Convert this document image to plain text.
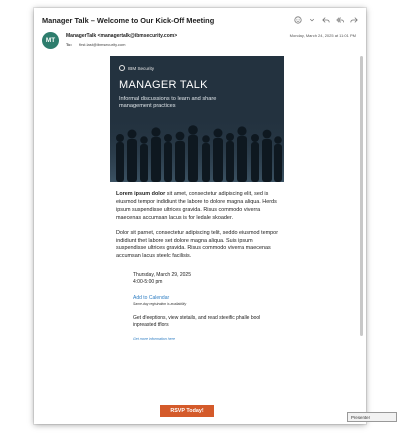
Manager Talk – Welcome to Our Kick-Off Meeting
MT
ManagerTalk <managertalk@ibmsecurity.com>	Monday, March 24, 2025 at 11:01 PM
To: first.last@ibmsecurity.com
IBM Security
MANAGER TALK
Informal discussions to learn and share management practices

Lorem ipsum dolor sit amet, consectetur adipiscing elit, sed is eiusmod tempor indidiunt the labore to dolore magna aliqua. Herds ipsum suspendisse ultrices gravida. Risus commodo viverra maecenas accumsan lacus is for ledale skoader.

Dolor sit parnet, consectetur adipiscing telit, seddo eiusmod tempor indidiunt thet labore set dolore magna aliqua. Suis ipsum suspendisse ultrices gravida. Risus commodo viverra maecenas accumsan lacus steelc facilisis.

Thursday, March 29, 2025
4:00-5:00 pm
Add to Calendar
Same-day registration is availability
Get d!eeptions, view stetails, and read steeific phalle bool inpreasted tflors
Get more information here
RSVP Today!
Presenter
